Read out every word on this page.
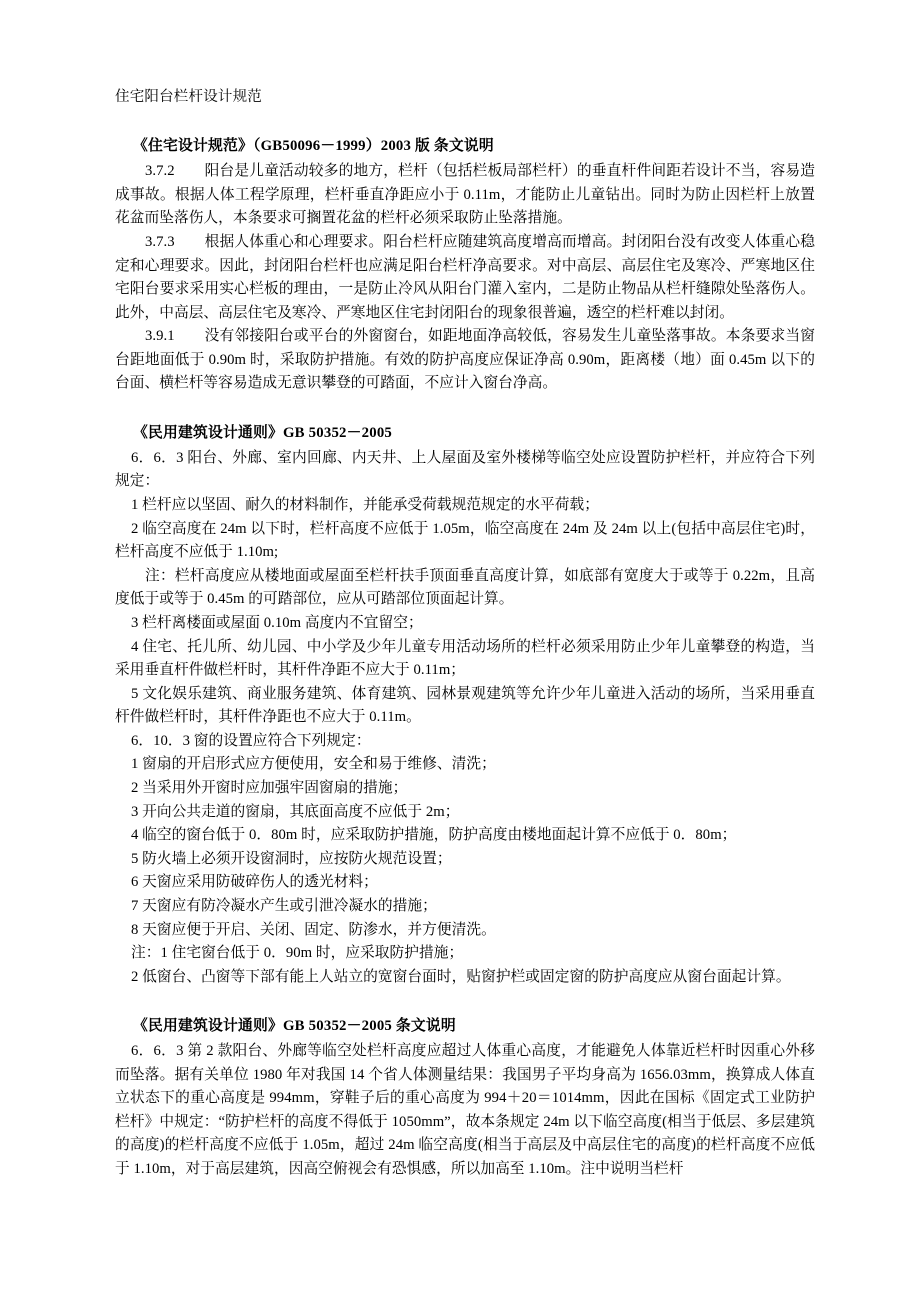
住宅阳台栏杆设计规范
《住宅设计规范》（GB50096－1999）2003 版 条文说明

3.7.2　　阳台是儿童活动较多的地方，栏杆（包括栏板局部栏杆）的垂直杆件间距若设计不当，容易造成事故。根据人体工程学原理，栏杆垂直净距应小于 0.11m，才能防止儿童钻出。同时为防止因栏杆上放置花盆而坠落伤人，本条要求可搁置花盆的栏杆必须采取防止坠落措施。

3.7.3　　根据人体重心和心理要求。阳台栏杆应随建筑高度增高而增高。封闭阳台没有改变人体重心稳定和心理要求。因此，封闭阳台栏杆也应满足阳台栏杆净高要求。对中高层、高层住宅及寒冷、严寒地区住宅阳台要求采用实心栏板的理由，一是防止冷风从阳台门灌入室内，二是防止物品从栏杆缝隙处坠落伤人。此外，中高层、高层住宅及寒冷、严寒地区住宅封闭阳台的现象很普遍，透空的栏杆难以封闭。

3.9.1　　没有邻接阳台或平台的外窗窗台，如距地面净高较低，容易发生儿童坠落事故。本条要求当窗台距地面低于 0.90m 时，采取防护措施。有效的防护高度应保证净高 0.90m，距离楼（地）面 0.45m 以下的台面、横栏杆等容易造成无意识攀登的可踏面，不应计入窗台净高。

《民用建筑设计通则》GB 50352－2005

6．6．3 阳台、外廊、室内回廊、内天井、上人屋面及室外楼梯等临空处应设置防护栏杆，并应符合下列规定：

1 栏杆应以坚固、耐久的材料制作，并能承受荷载规范规定的水平荷载；

2 临空高度在 24m 以下时，栏杆高度不应低于 1.05m，临空高度在 24m 及 24m 以上(包括中高层住宅)时，栏杆高度不应低于 1.10m;

注：栏杆高度应从楼地面或屋面至栏杆扶手顶面垂直高度计算，如底部有宽度大于或等于 0.22m，且高度低于或等于 0.45m 的可踏部位，应从可踏部位顶面起计算。

3 栏杆离楼面或屋面 0.10m 高度内不宜留空；

4 住宅、托儿所、幼儿园、中小学及少年儿童专用活动场所的栏杆必须采用防止少年儿童攀登的构造，当采用垂直杆件做栏杆时，其杆件净距不应大于 0.11m；

5 文化娱乐建筑、商业服务建筑、体育建筑、园林景观建筑等允许少年儿童进入活动的场所，当采用垂直杆件做栏杆时，其杆件净距也不应大于 0.11m。

6．10．3 窗的设置应符合下列规定：

1 窗扇的开启形式应方便使用，安全和易于维修、清洗；

2 当采用外开窗时应加强牢固窗扇的措施；

3 开向公共走道的窗扇，其底面高度不应低于 2m；

4 临空的窗台低于 0．80m 时，应采取防护措施，防护高度由楼地面起计算不应低于 0．80m；

5 防火墙上必须开设窗洞时，应按防火规范设置；

6 天窗应采用防破碎伤人的透光材料；

7 天窗应有防冷凝水产生或引泄冷凝水的措施；

8 天窗应便于开启、关闭、固定、防渗水，并方便清洗。

注：1 住宅窗台低于 0．90m 时，应采取防护措施；

2 低窗台、凸窗等下部有能上人站立的宽窗台面时，贴窗护栏或固定窗的防护高度应从窗台面起计算。

《民用建筑设计通则》GB 50352－2005 条文说明

6．6．3 第 2 款阳台、外廊等临空处栏杆高度应超过人体重心高度，才能避免人体靠近栏杆时因重心外移而坠落。据有关单位 1980 年对我国 14 个省人体测量结果：我国男子平均身高为 1656.03mm，换算成人体直立状态下的重心高度是 994mm，穿鞋子后的重心高度为 994＋20＝1014mm，因此在国标《固定式工业防护栏杆》中规定：“防护栏杆的高度不得低于 1050mm”，故本条规定 24m 以下临空高度(相当于低层、多层建筑的高度)的栏杆高度不应低于 1.05m，超过 24m 临空高度(相当于高层及中高层住宅的高度)的栏杆高度不应低于 1.10m，对于高层建筑，因高空俯视会有恐惧感，所以加高至 1.10m。注中说明当栏杆
